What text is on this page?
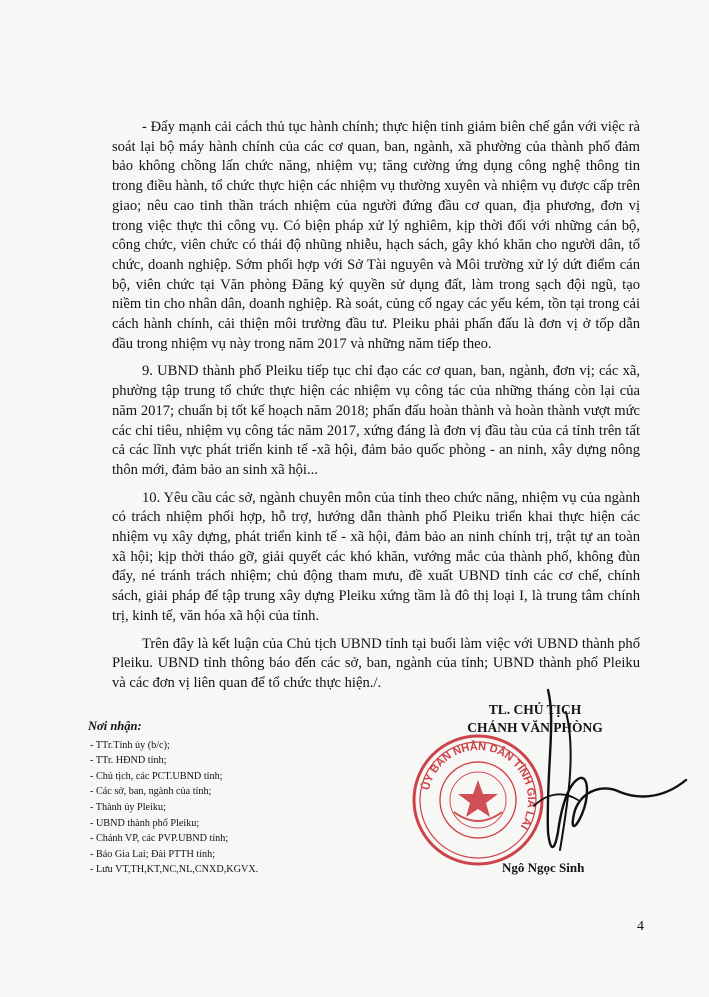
- Đẩy mạnh cải cách thủ tục hành chính; thực hiện tinh giảm biên chế gắn với việc rà soát lại bộ máy hành chính của các cơ quan, ban, ngành, xã phường của thành phố đảm bảo không chồng lấn chức năng, nhiệm vụ; tăng cường ứng dụng công nghệ thông tin trong điều hành, tổ chức thực hiện các nhiệm vụ thường xuyên và nhiệm vụ được cấp trên giao; nêu cao tinh thần trách nhiệm của người đứng đầu cơ quan, địa phương, đơn vị trong việc thực thi công vụ. Có biện pháp xử lý nghiêm, kịp thời đối với những cán bộ, công chức, viên chức có thái độ nhũng nhiễu, hạch sách, gây khó khăn cho người dân, tổ chức, doanh nghiệp. Sớm phối hợp với Sở Tài nguyên và Môi trường xử lý dứt điểm cán bộ, viên chức tại Văn phòng Đăng ký quyền sử dụng đất, làm trong sạch đội ngũ, tạo niềm tin cho nhân dân, doanh nghiệp. Rà soát, củng cố ngay các yếu kém, tồn tại trong cải cách hành chính, cải thiện môi trường đầu tư. Pleiku phải phấn đấu là đơn vị ở tốp dẫn đầu trong nhiệm vụ này trong năm 2017 và những năm tiếp theo.

9. UBND thành phố Pleiku tiếp tục chỉ đạo các cơ quan, ban, ngành, đơn vị; các xã, phường tập trung tổ chức thực hiện các nhiệm vụ công tác của những tháng còn lại của năm 2017; chuẩn bị tốt kế hoạch năm 2018; phấn đấu hoàn thành và hoàn thành vượt mức các chỉ tiêu, nhiệm vụ công tác năm 2017, xứng đáng là đơn vị đầu tàu của cả tỉnh trên tất cả các lĩnh vực phát triển kinh tế -xã hội, đảm bảo quốc phòng - an ninh, xây dựng nông thôn mới, đảm bảo an sinh xã hội...

10. Yêu cầu các sở, ngành chuyên môn của tỉnh theo chức năng, nhiệm vụ của ngành có trách nhiệm phối hợp, hỗ trợ, hướng dẫn thành phố Pleiku triển khai thực hiện các nhiệm vụ xây dựng, phát triển kinh tế - xã hội, đảm bảo an ninh chính trị, trật tự an toàn xã hội; kịp thời tháo gỡ, giải quyết các khó khăn, vướng mắc của thành phố, không đùn đẩy, né tránh trách nhiệm; chủ động tham mưu, đề xuất UBND tỉnh các cơ chế, chính sách, giải pháp để tập trung xây dựng Pleiku xứng tầm là đô thị loại I, là trung tâm chính trị, kinh tế, văn hóa xã hội của tỉnh.

Trên đây là kết luận của Chủ tịch UBND tỉnh tại buổi làm việc với UBND thành phố Pleiku. UBND tỉnh thông báo đến các sở, ban, ngành của tỉnh; UBND thành phố Pleiku và các đơn vị liên quan để tổ chức thực hiện./.

Nơi nhận:
- TTr.Tỉnh ủy (b/c);
- TTr. HĐND tỉnh;
- Chủ tịch, các PCT.UBND tỉnh;
- Các sở, ban, ngành của tỉnh;
- Thành ủy Pleiku;
- UBND thành phố Pleiku;
- Chánh VP, các PVP.UBND tỉnh;
- Báo Gia Lai; Đài PTTH tỉnh;
- Lưu VT,TH,KT,NC,NL,CNXD,KGVX.
ỦY BAN NHÂN DÂN TỈNH GIA LAI
TL. CHỦ TỊCH
CHÁNH VĂN PHÒNG
Ngô Ngọc Sinh
4
